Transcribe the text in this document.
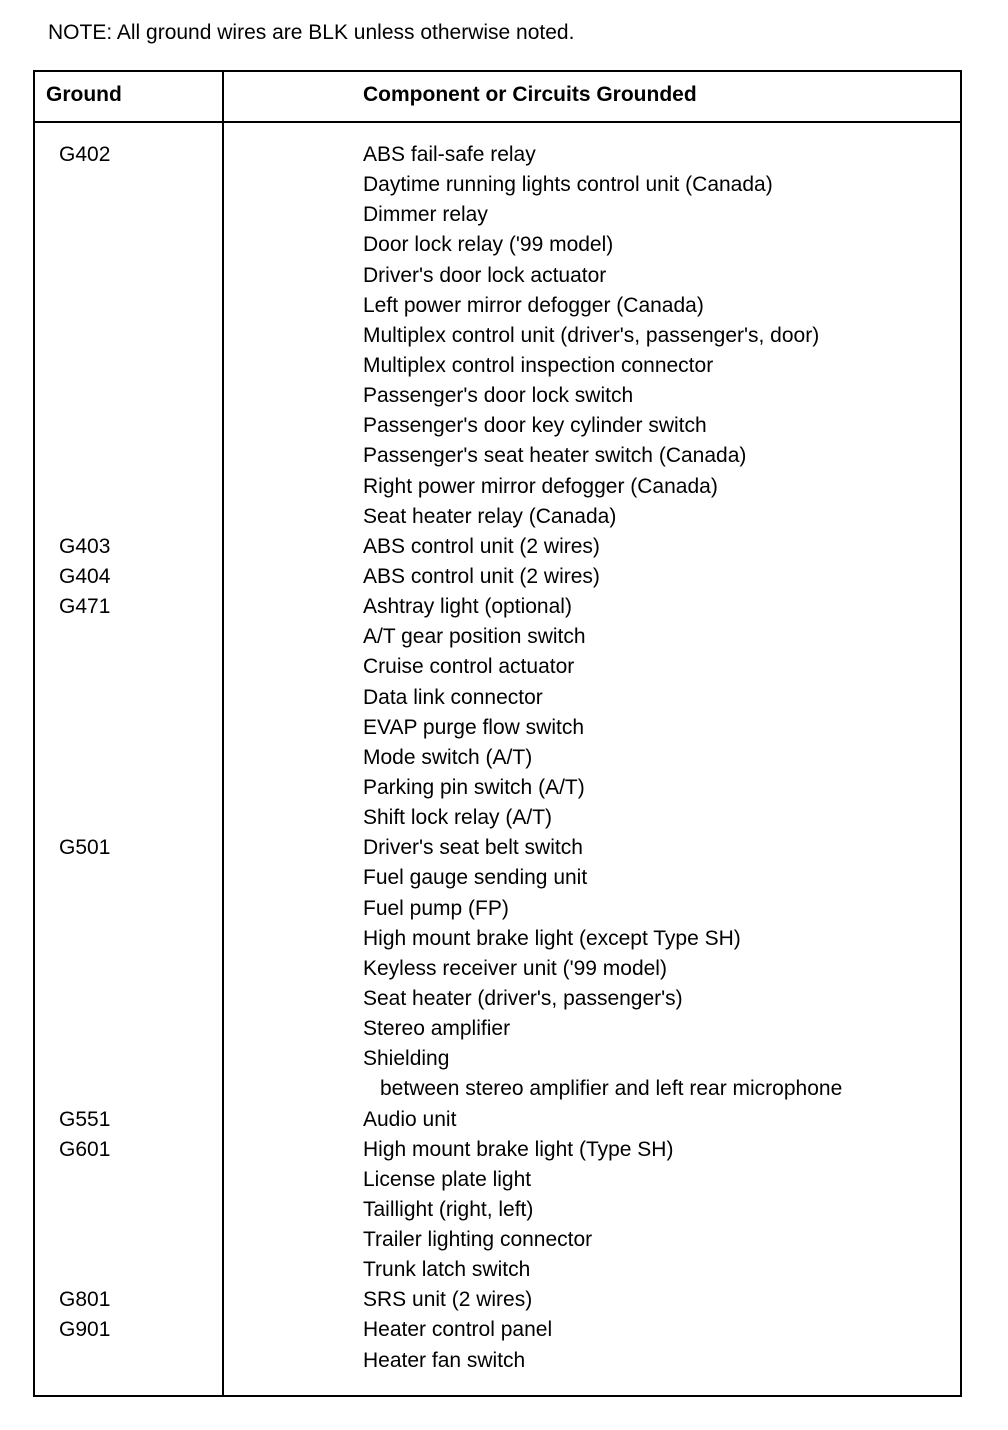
NOTE: All ground wires are BLK unless otherwise noted.
Ground	Component or Circuits Grounded
G402	ABS fail-safe relay
Daytime running lights control unit (Canada)
Dimmer relay
Door lock relay ('99 model)
Driver's door lock actuator
Left power mirror defogger (Canada)
Multiplex control unit (driver's, passenger's, door)
Multiplex control inspection connector
Passenger's door lock switch
Passenger's door key cylinder switch
Passenger's seat heater switch (Canada)
Right power mirror defogger (Canada)
Seat heater relay (Canada)
G403	ABS control unit (2 wires)
G404	ABS control unit (2 wires)
G471	Ashtray light (optional)
A/T gear position switch
Cruise control actuator
Data link connector
EVAP purge flow switch
Mode switch (A/T)
Parking pin switch (A/T)
Shift lock relay (A/T)
G501	Driver's seat belt switch
Fuel gauge sending unit
Fuel pump (FP)
High mount brake light (except Type SH)
Keyless receiver unit ('99 model)
Seat heater (driver's, passenger's)
Stereo amplifier
Shielding
between stereo amplifier and left rear microphone
G551	Audio unit
G601	High mount brake light (Type SH)
License plate light
Taillight (right, left)
Trailer lighting connector
Trunk latch switch
G801	SRS unit (2 wires)
G901	Heater control panel
Heater fan switch
